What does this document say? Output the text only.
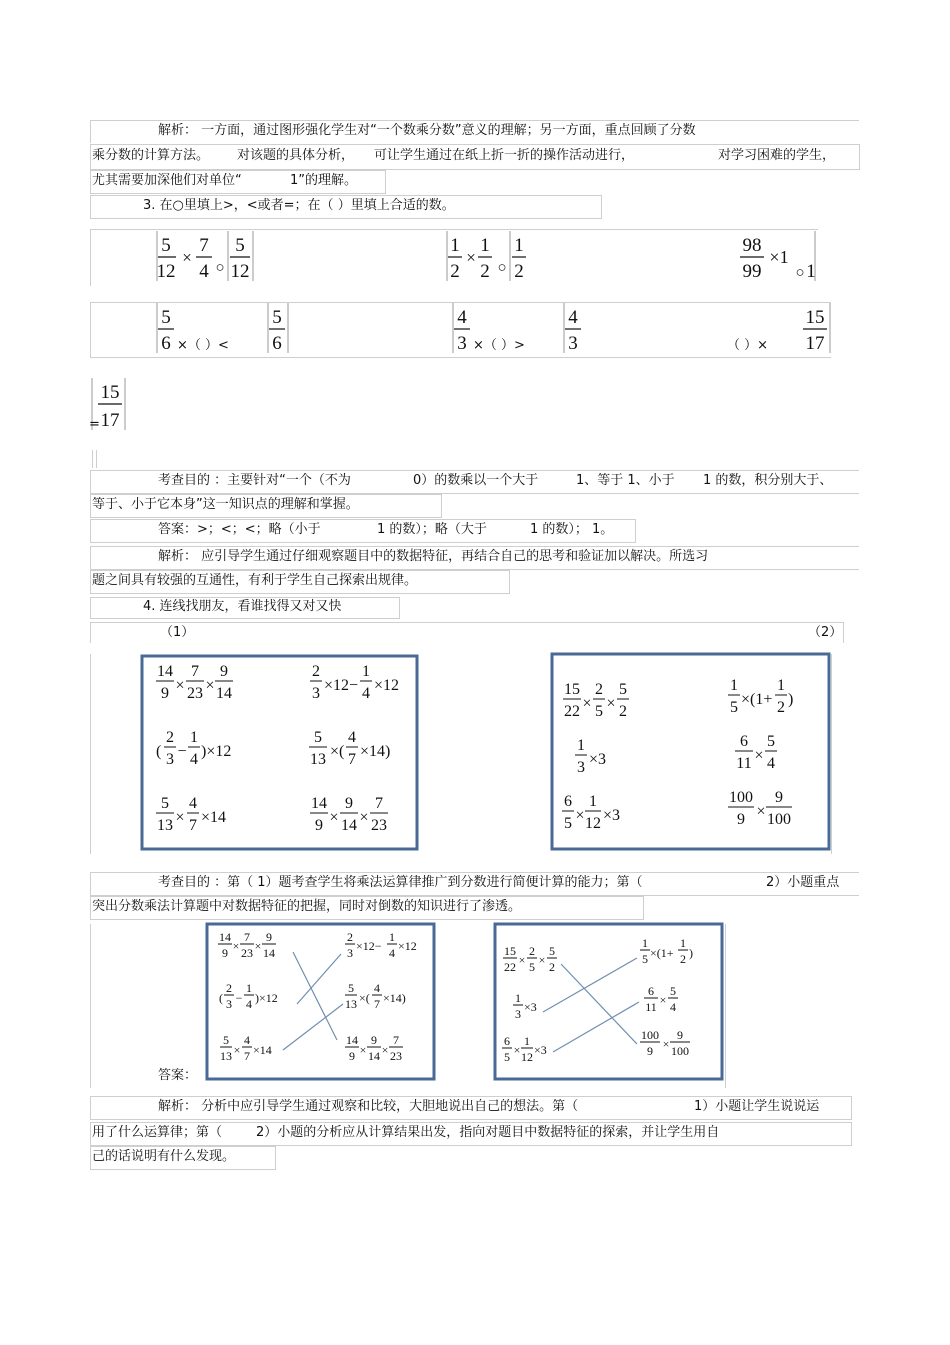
解析： 一方面，通过图形强化学生对“一个数乘分数”意义的理解；另一方面，重点回顾了分数
乘分数的计算方法。 对该题的具体分析， 可让学生通过在纸上折一折的操作活动进行，	对学习困难的学生，
尤其需要加深他们对单位“	1”的理解。
3. 在○里填上>，<或者=；在（ ）里填上合适的数。
5
12
×
7
4 ○
5
12
1
2
×
1
2 ○
1
2
98
99
×1
○ 1
5
6 ×（ ）<
5
6
4
3 ×（ ）>
4
3	（ ）×
15
17
=
15
17
考查目的 ：主要针对“一个（不为	0）的数乘以一个大于	1、等于 1、小于 1 的数，积分别大于、
等于、小于它本身”这一知识点的理解和掌握。
答案：>；<；<；略（小于	1 的数）；略（大于	1 的数）； 1。
解析： 应引导学生通过仔细观察题目中的数据特征，再结合自己的思考和验证加以解决。所选习
题之间具有较强的互通性，有利于学生自己探索出规律。
4. 连线找朋友，看谁找得又对又快
（1）	（2）
14
9 ×
7
23 ×
9
14
2
3 ×12−
1
4 ×12
(
2
3 −
1
4 )×12
5
13 ×(
4
7 ×14)
5
13 ×
4
7 ×14
14
9 ×
9
14 ×
7
23
15
22 ×
2
5 ×
5
2
1
5 ×(1+
1
2 )
1
3 ×3
6
11 ×
5
4
6
5 ×
1
12 ×3
100
9 ×
9
100
考查目的 ：第（ 1）题考查学生将乘法运算律推广到分数进行简便计算的能力；第（	2）小题重点
突出分数乘法计算题中对数据特征的把握，同时对倒数的知识进行了渗透。
答案：
14
9 ×
7
23 ×
9
14
2
3 ×12−
1
4 ×12
(
2
3 −
1
4 )×12
5
13 ×(
4
7 ×14)
5
13 ×
4
7 ×14
14
9 ×
9
14 ×
7
23
15
22 ×
2
5 ×
5
2
1
5 ×(1+
1
2 )
1
3 ×3
6
11 ×
5
4
6
5 ×
1
12 ×3
100
9 ×
9
100
解析： 分析中应引导学生通过观察和比较，大胆地说出自己的想法。第（	1）小题让学生说说运
用了什么运算律；第（	2）小题的分析应从计算结果出发，指向对题目中数据特征的探索，并让学生用自
己的话说明有什么发现。
